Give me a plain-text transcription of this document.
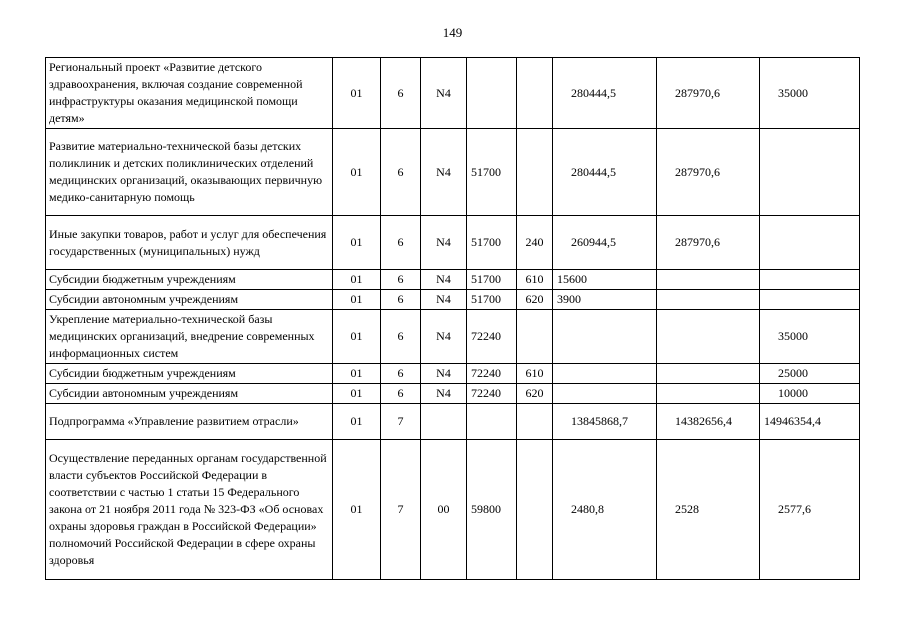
149
Региональный проект «Развитие детского здравоохранения, включая создание современной инфраструктуры оказания медицинской помощи детям»	01	6	N4			280444,5	287970,6	35000
Развитие материально-технической базы детских поликлиник и детских поликлинических отделений медицинских организаций, оказывающих первичную медико-санитарную помощь	01	6	N4	51700		280444,5	287970,6	
Иные закупки товаров, работ и услуг для обеспечения государственных (муниципальных) нужд	01	6	N4	51700	240	260944,5	287970,6	
Субсидии бюджетным учреждениям	01	6	N4	51700	610	15600		
Субсидии автономным учреждениям	01	6	N4	51700	620	3900		
Укрепление материально-технической базы медицинских организаций, внедрение современных информационных систем	01	6	N4	72240				35000
Субсидии бюджетным учреждениям	01	6	N4	72240	610			25000
Субсидии автономным учреждениям	01	6	N4	72240	620			10000
Подпрограмма «Управление развитием отрасли»	01	7				13845868,7	14382656,4	14946354,4
Осуществление переданных органам государственной власти субъектов Российской Федерации в соответствии с частью 1 статьи 15 Федерального закона от 21 ноября 2011 года № 323-ФЗ «Об основах охраны здоровья граждан в Российской Федерации» полномочий Российской Федерации в сфере охраны здоровья	01	7	00	59800		2480,8	2528	2577,6
